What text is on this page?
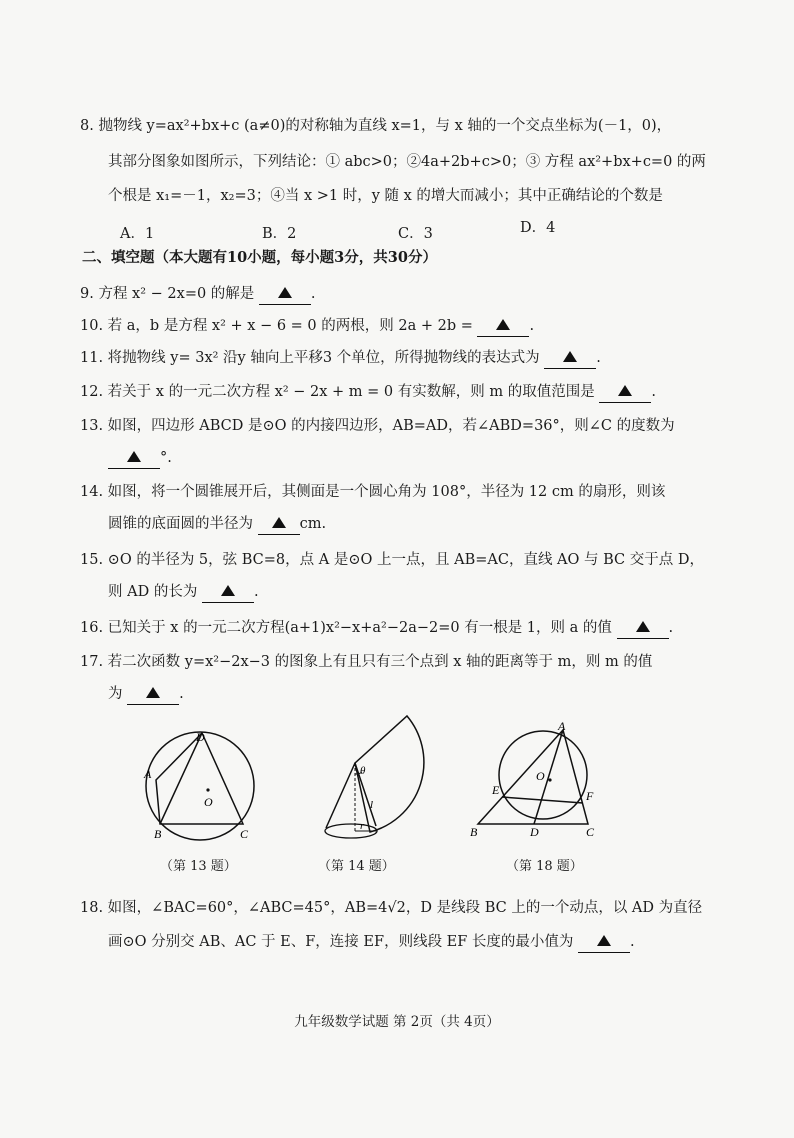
8. 抛物线 y=ax²+bx+c (a≠0)的对称轴为直线 x=1，与 x 轴的一个交点坐标为(－1，0)，
其部分图象如图所示，下列结论：① abc>0；②4a+2b+c>0；③ 方程 ax²+bx+c=0 的两
个根是 x₁=－1，x₂=3；④当 x >1 时，y 随 x 的增大而减小；其中正确结论的个数是
A．1	B．2	C．3	D．4
二、填空题（本大题有10小题，每小题3分，共30分）
9. 方程 x² − 2x=0 的解是	.
10. 若 a，b 是方程 x² + x − 6 = 0 的两根，则 2a + 2b =	.
11. 将抛物线 y= 3x² 沿y 轴向上平移3 个单位，所得抛物线的表达式为	.
12. 若关于 x 的一元二次方程 x² − 2x + m = 0 有实数解，则 m 的取值范围是	.
13. 如图，四边形 ABCD 是⊙O 的内接四边形，AB=AD，若∠ABD=36°，则∠C 的度数为
°.
14. 如图，将一个圆锥展开后，其侧面是一个圆心角为 108°，半径为 12 cm 的扇形，则该
圆锥的底面圆的半径为	cm.
15. ⊙O 的半径为 5，弦 BC=8，点 A 是⊙O 上一点，且 AB=AC，直线 AO 与 BC 交于点 D，
则 AD 的长为	.
16. 已知关于 x 的一元二次方程(a+1)x²−x+a²−2a−2=0 有一根是 1，则 a 的值	.
17. 若二次函数 y=x²−2x−3 的图象上有且只有三个点到 x 轴的距离等于 m，则 m 的值
为	.
D
A
B	C
O
（第 13 题）
θ
l
r
（第 14 题）
A
B	C
D
E	F
O
（第 18 题）
18. 如图，∠BAC=60°，∠ABC=45°，AB=4√2，D 是线段 BC 上的一个动点，以 AD 为直径
画⊙O 分别交 AB、AC 于 E、F，连接 EF，则线段 EF 长度的最小值为	.
九年级数学试题 第 2页（共 4页）
